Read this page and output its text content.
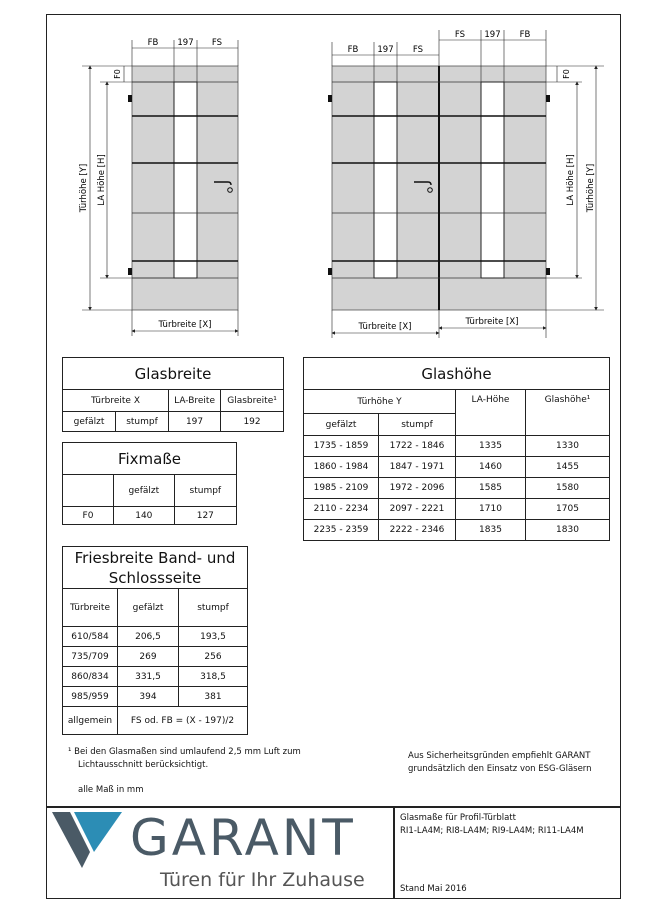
FB 197 FS
Türhöhe [Y] LA Höhe [H]
F0
Türbreite [X]
FB 197 FS
FS 197 FB
Türhöhe [Y]
LA Höhe [H]
F0
Türbreite [X]	Türbreite [X]
Glasbreite			
Türbreite X		LA-Breite	Glasbreite¹
gefälzt	stumpf	197	192
Fixmaße		
	gefälzt	stumpf
F0	140	127
Friesbreite Band- und
Schlossseite		

Türbreite	gefälzt	stumpf
610/584	206,5	193,5
735/709	269	256
860/834	331,5	318,5
985/959	394	381
allgemein	FS od. FB = (X - 197)/2	
Glashöhe			
Türhöhe Y		LA-Höhe	Glashöhe¹
gefälzt	stumpf		
1735 - 1859	1722 - 1846	1335	1330
1860 - 1984	1847 - 1971	1460	1455
1985 - 2109	1972 - 2096	1585	1580
2110 - 2234	2097 - 2221	1710	1705
2235 - 2359	2222 - 2346	1835	1830
¹ Bei den Glasmaßen sind umlaufend 2,5 mm Luft zum
Lichtausschnitt berücksichtigt.
Aus Sicherheitsgründen empfiehlt GARANT
grundsätzlich den Einsatz von ESG-Gläsern
alle Maß in mm
GARANT
Türen für Ihr Zuhause
Glasmaße für Profil-Türblatt
RI1-LA4M; RI8-LA4M; RI9-LA4M; RI11-LA4M
Stand Mai 2016
